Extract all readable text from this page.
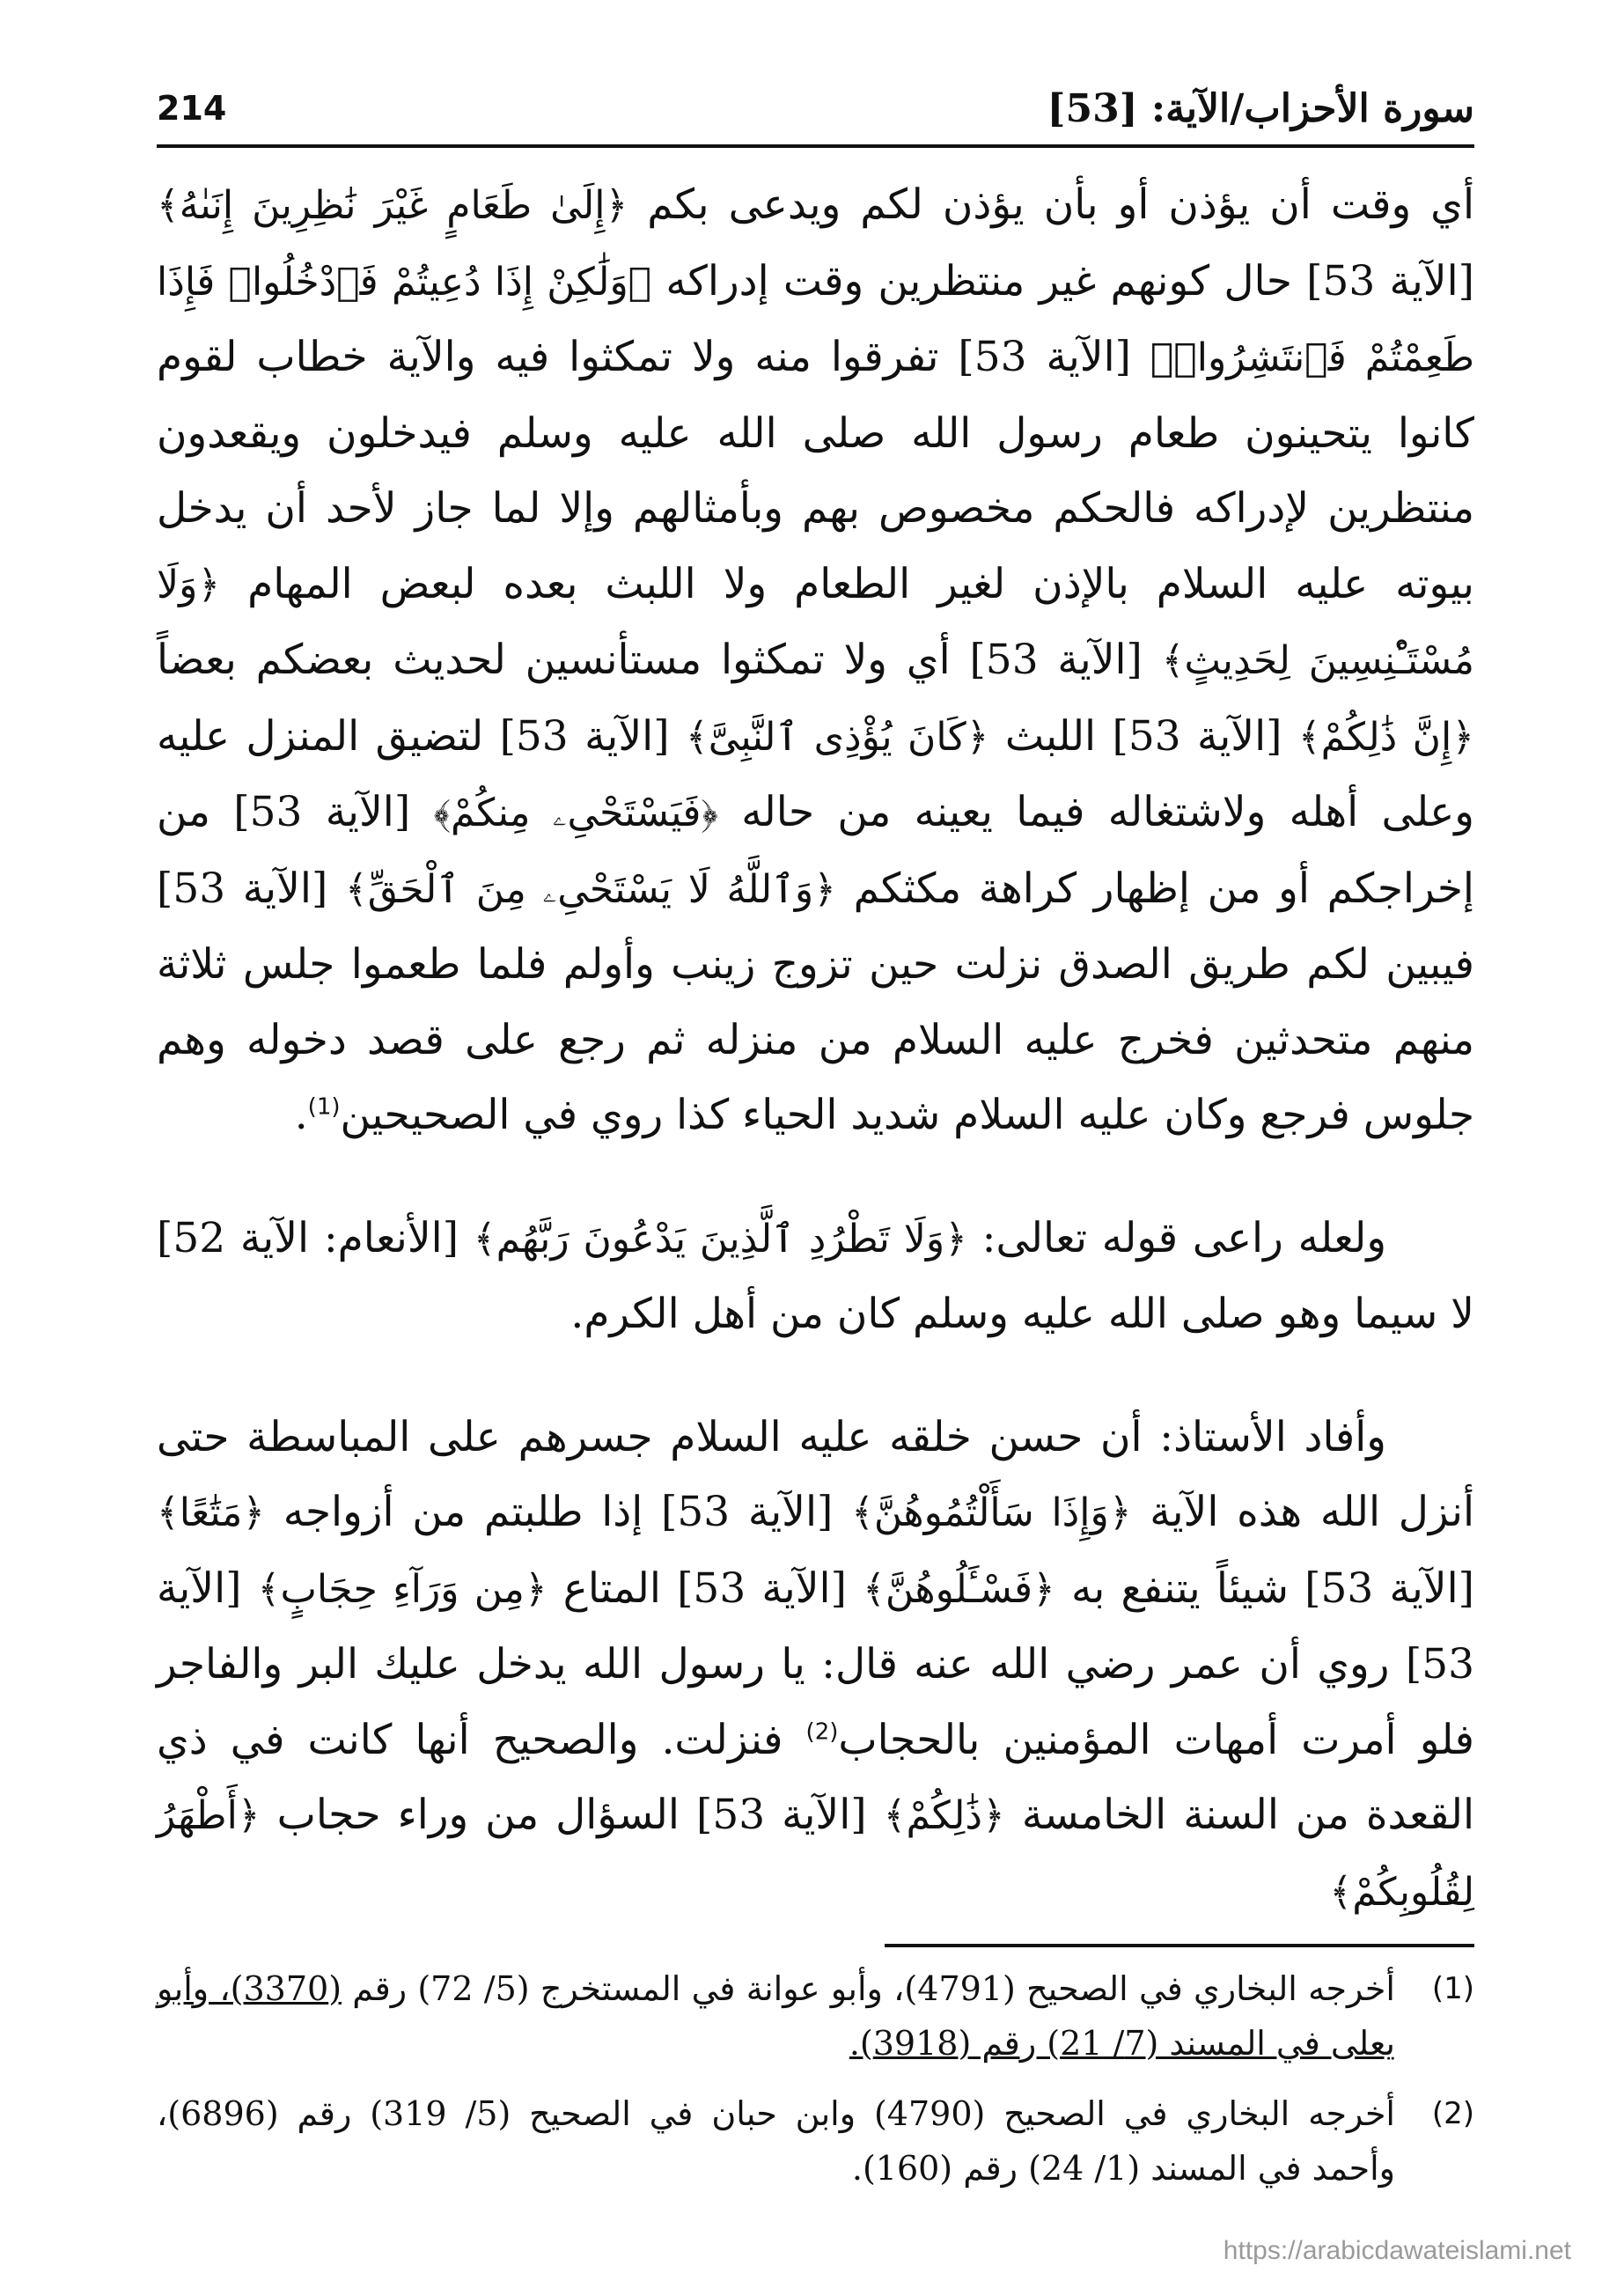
214	سورة الأحزاب/الآية: [53]

أي وقت أن يؤذن أو بأن يؤذن لكم ويدعى بكم ﴿إِلَىٰ طَعَامٍ غَيْرَ نَٰظِرِينَ إِنَىٰهُ﴾ [الآية 53] حال كونهم غير منتظرين وقت إدراكه ﴿وَلَٰكِنْ إِذَا دُعِيتُمْ فَٱدْخُلُوا۟ فَإِذَا طَعِمْتُمْ فَٱنتَشِرُوا۟﴾ [الآية 53] تفرقوا منه ولا تمكثوا فيه والآية خطاب لقوم كانوا يتحينون طعام رسول الله صلى الله عليه وسلم فيدخلون ويقعدون منتظرين لإدراكه فالحكم مخصوص بهم وبأمثالهم وإلا لما جاز لأحد أن يدخل بيوته عليه السلام بالإذن لغير الطعام ولا اللبث بعده لبعض المهام ﴿وَلَا مُسْتَـْٔنِسِينَ لِحَدِيثٍ﴾ [الآية 53] أي ولا تمكثوا مستأنسين لحديث بعضكم بعضاً ﴿إِنَّ ذَٰلِكُمْ﴾ [الآية 53] اللبث ﴿كَانَ يُؤْذِى ٱلنَّبِىَّ﴾ [الآية 53] لتضيق المنزل عليه وعلى أهله ولاشتغاله فيما يعينه من حاله ﴿فَيَسْتَحْىِۦ مِنكُمْ﴾ [الآية 53] من إخراجكم أو من إظهار كراهة مكثكم ﴿وَٱللَّهُ لَا يَسْتَحْىِۦ مِنَ ٱلْحَقِّ﴾ [الآية 53] فيبين لكم طريق الصدق نزلت حين تزوج زينب وأولم فلما طعموا جلس ثلاثة منهم متحدثين فخرج عليه السلام من منزله ثم رجع على قصد دخوله وهم جلوس فرجع وكان عليه السلام شديد الحياء كذا روي في الصحيحين$^{(1)}$.

ولعله راعى قوله تعالى: ﴿وَلَا تَطْرُدِ ٱلَّذِينَ يَدْعُونَ رَبَّهُم﴾ [الأنعام: الآية 52] لا سيما وهو صلى الله عليه وسلم كان من أهل الكرم.

وأفاد الأستاذ: أن حسن خلقه عليه السلام جسرهم على المباسطة حتى أنزل الله هذه الآية ﴿وَإِذَا سَأَلْتُمُوهُنَّ﴾ [الآية 53] إذا طلبتم من أزواجه ﴿مَتَٰعًا﴾ [الآية 53] شيئاً يتنفع به ﴿فَسْـَٔلُوهُنَّ﴾ [الآية 53] المتاع ﴿مِن وَرَآءِ حِجَابٍ﴾ [الآية 53] روي أن عمر رضي الله عنه قال: يا رسول الله يدخل عليك البر والفاجر فلو أمرت أمهات المؤمنين بالحجاب$^{(2)}$ فنزلت. والصحيح أنها كانت في ذي القعدة من السنة الخامسة ﴿ذَٰلِكُمْ﴾ [الآية 53] السؤال من وراء حجاب ﴿أَطْهَرُ لِقُلُوبِكُمْ﴾

(1)
أخرجه البخاري في الصحيح (4791)، وأبو عوانة في المستخرج (5/ 72) رقم (3370)، وأبو يعلى في المسند (7/ 21) رقم (3918).
(2)
أخرجه البخاري في الصحيح (4790) وابن حبان في الصحيح (5/ 319) رقم (6896)، وأحمد في المسند (1/ 24) رقم (160).
https://arabicdawateislami.net
